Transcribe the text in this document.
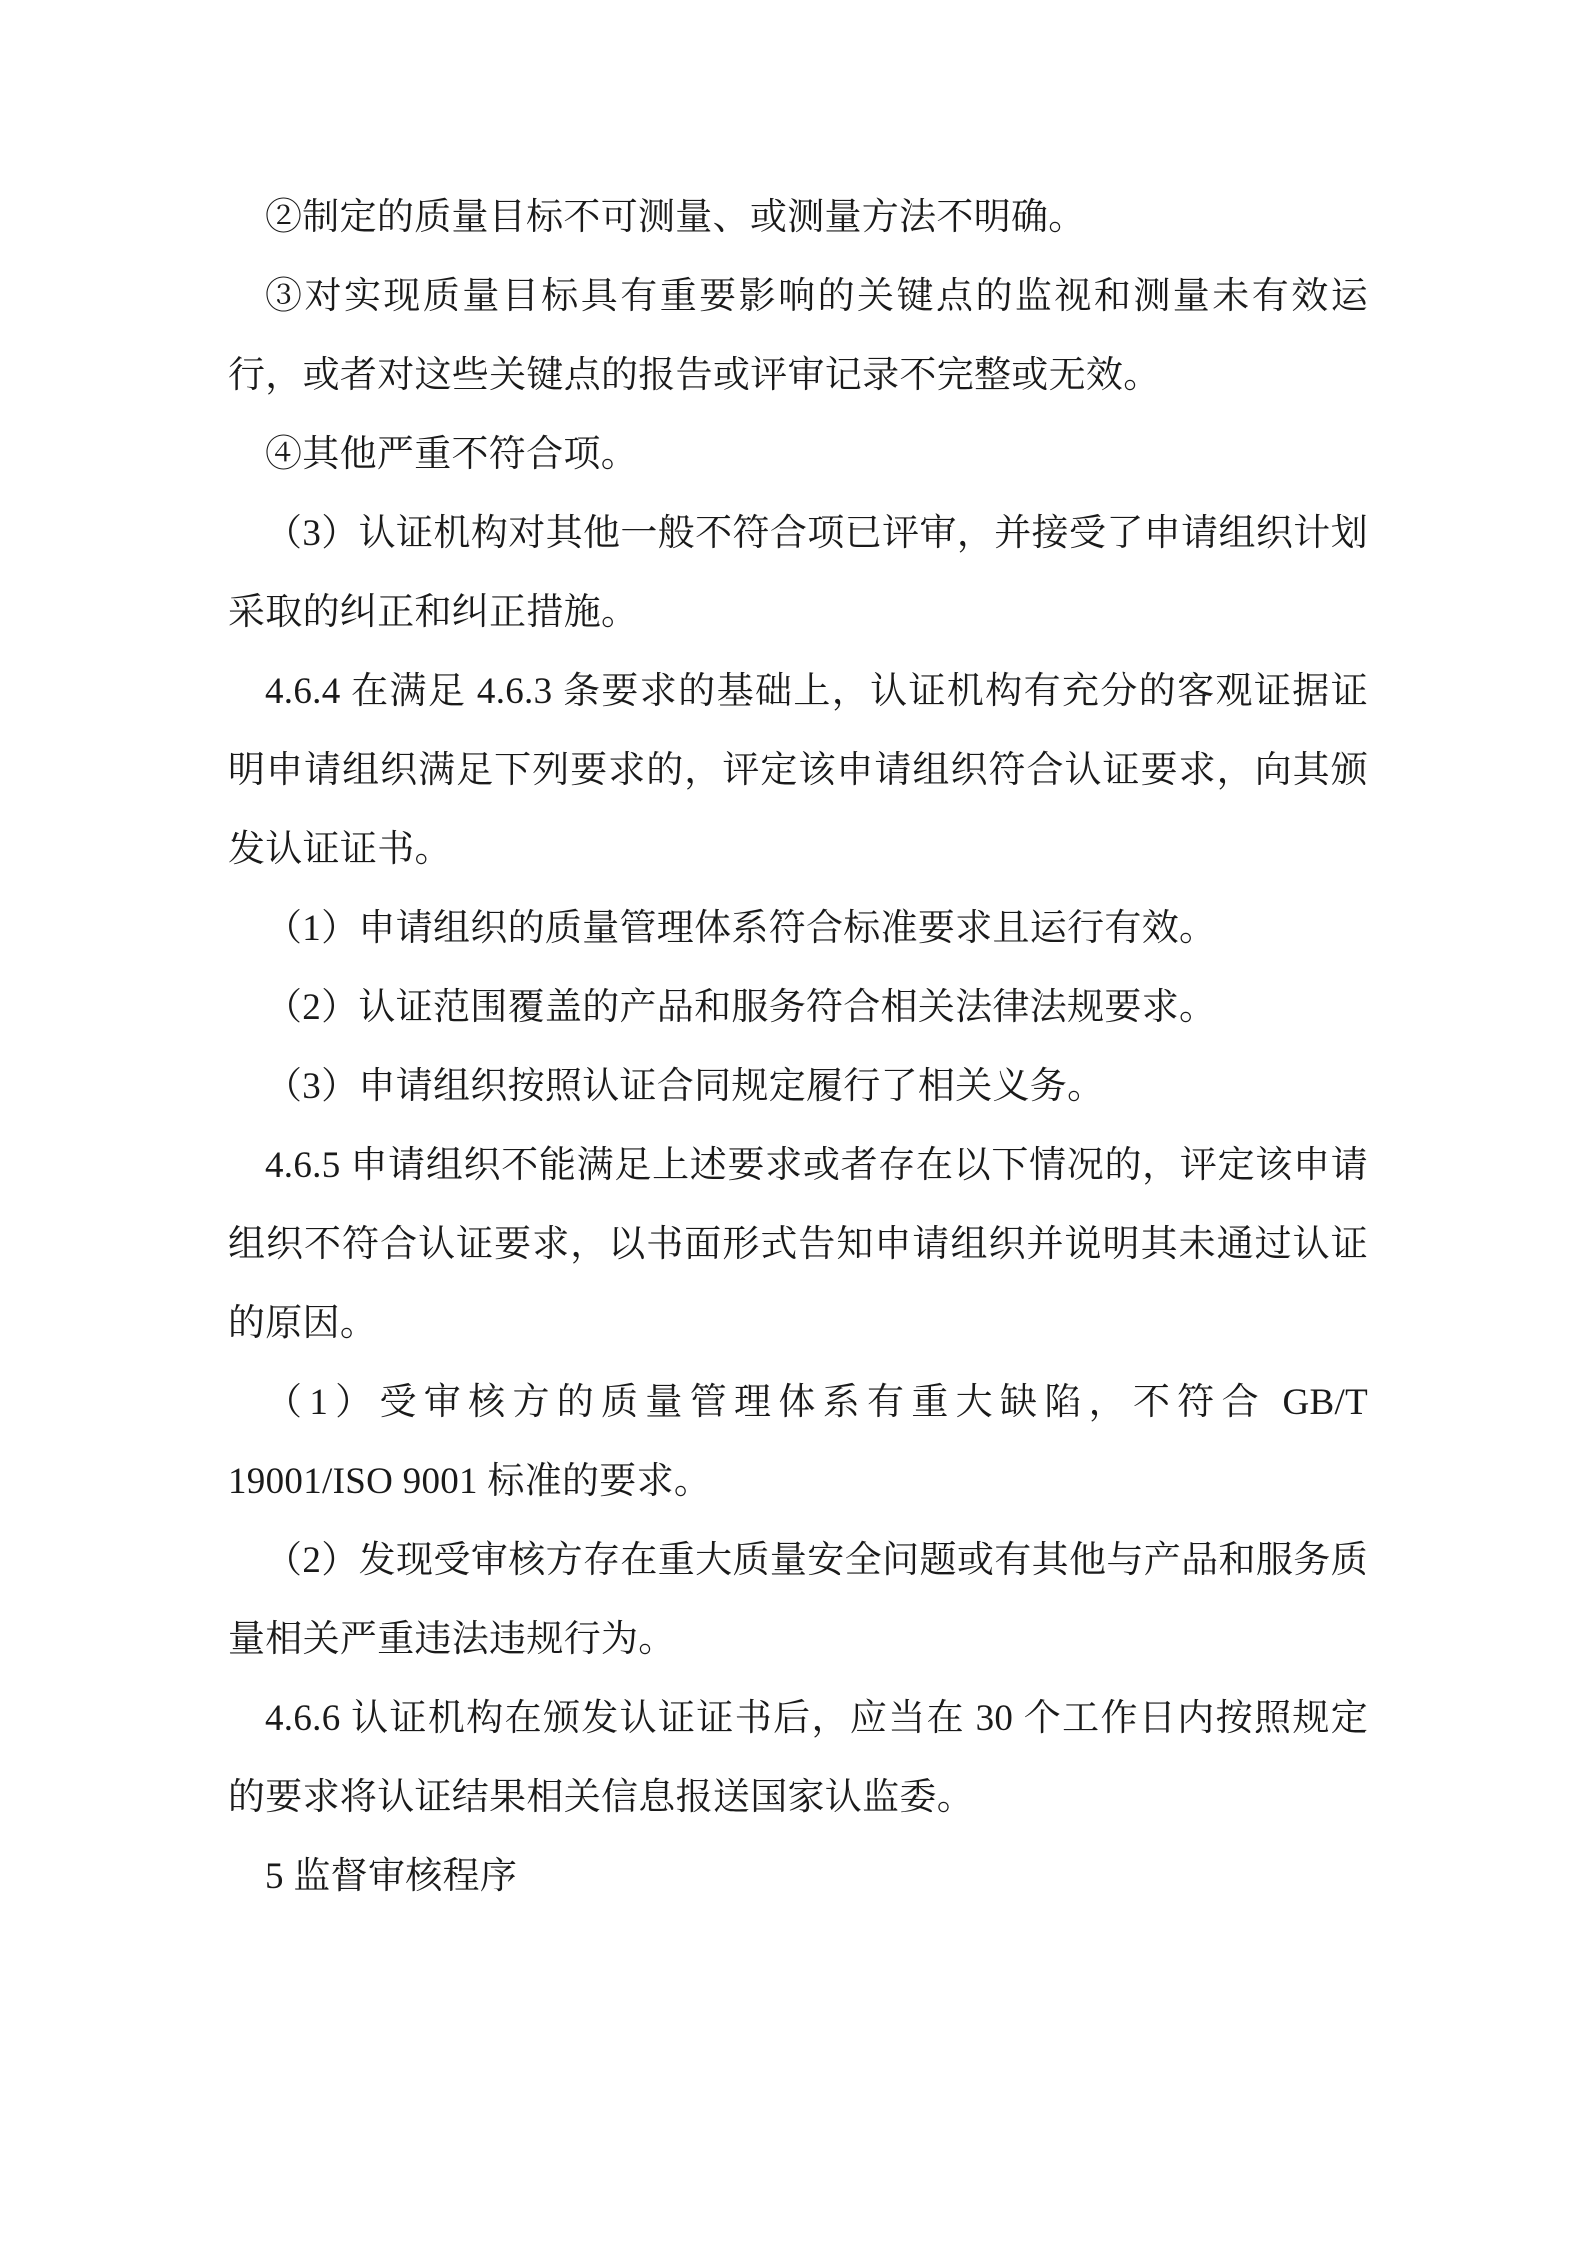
②制定的质量目标不可测量、或测量方法不明确。

③对实现质量目标具有重要影响的关键点的监视和测量未有效运行，或者对这些关键点的报告或评审记录不完整或无效。

④其他严重不符合项。

（3）认证机构对其他一般不符合项已评审，并接受了申请组织计划采取的纠正和纠正措施。

4.6.4 在满足 4.6.3 条要求的基础上，认证机构有充分的客观证据证明申请组织满足下列要求的，评定该申请组织符合认证要求，向其颁发认证证书。

（1）申请组织的质量管理体系符合标准要求且运行有效。

（2）认证范围覆盖的产品和服务符合相关法律法规要求。

（3）申请组织按照认证合同规定履行了相关义务。

4.6.5 申请组织不能满足上述要求或者存在以下情况的，评定该申请组织不符合认证要求，以书面形式告知申请组织并说明其未通过认证的原因。

（1）受审核方的质量管理体系有重大缺陷，不符合 GB/T 19001/ISO 9001 标准的要求。

（2）发现受审核方存在重大质量安全问题或有其他与产品和服务质量相关严重违法违规行为。

4.6.6 认证机构在颁发认证证书后，应当在 30 个工作日内按照规定的要求将认证结果相关信息报送国家认监委。

5 监督审核程序
